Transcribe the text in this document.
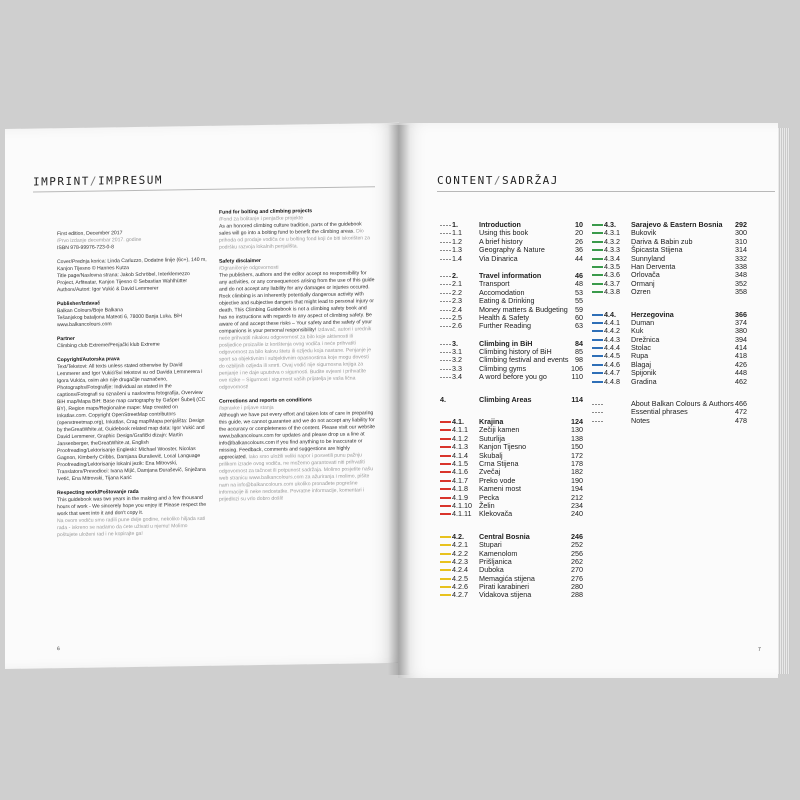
IMPRINT/IMPRESUM

First edition, December 2017
/Prvo izdanje decembar 2017. godine
ISBN 978-99976-723-0-8

Cover/Prednja korica: Linda Carluzzo, Dodatne linije (6c+), 140 m, Kanjon Tijesno © Hannes Kutza
Title page/Naslovna strana: Jakob Schröbel, Interklemezzo Project, Arfiteatar, Kanjon Tijesno © Sebastian Wahlhütter
Authors/Autori: Igor Vukić & David Lemmerer

Publisher/Izdavač
Balkan Colours/Boje Balkana
Tešanjskog bataljona Mateoti 6, 78000 Banja Luka, BiH
www.balkancolours.com

Partner
Climbing club Extreme/Penjački klub Extreme

Copyright/Autorska prava
Text/Tekstovi: All texts unless stated otherwise by David Lemmerer and Igor Vukić/Svi tekstovi su od Davida Lemmerera i Igora Vukića, osim ako nije drugačije naznačeno, Photographs/Fotografije: Individual as stated in the captions/Fotografi su označeni u naslovima fotografija, Overview BiH map/Mapa BiH: Base map cartography by Gašper Šubelj (CC BY), Region maps/Regionalne mape: Map created on Inkatlas.com. Copyright OpenStreetMap contributors (openstreetmap.org), Inkatlas, Crag map/Mapa penjališta: Design by theGreatWhite.at, Guidebook related map data: Igor Vukić and David Lemmerer, Graphic Design/Grafički dizajn: Martin Jansenberger, theGreatWhite.at, English Proofreading/Lektorisanje Engleski: Michael Wooster, Nicolas Gagnon, Kimberly Cribbs, Damjana Đuraševič, Local Language Proofreading/Lektorisanje lokalni jezik: Ena Mitrovski, Translators/Prevodioci: Ivana Mijić, Damjana Đuraševič, Snježana Ivetić, Ena Mitrovski, Tijana Karić

Respecting work/Poštovanje rada
This guidebook was two years in the making and a few thousand hours of work - We sincerely hope you enjoy it! Please respect the work that went into it and don't copy it.
Na ovom vodiču smo radili pune dvije godine, nekoliko hiljada sati rada - iskreno se nadamo da ćete uživati u njemu! Molimo poštujete uloženi rad i ne kopirajte ga!

Fund for bolting and climbing projects
/Fond za bolitanje i penjačke projekte
As an honored climbing culture tradition, parts of the guidebook sales will go into a bolting fund to benefit the climbing areas. Dio prihoda od prodaje vodiča će u bolting fond koji će biti iskorišten za podršku razvoja lokalnih penjališta.

Safety disclaimer
/Ograničenje odgovornosti
The publishers, authors and the editor accept no responsibility for any activities, or any consequences arising from the use of this guide and do not accept any liability for any damages or injuries occured. Rock climbing is an inherently potentially dangerous activity with objective and subjective dangers that might lead to personal injury or death. This Climbing Guidebook is not a climbing safety book and has no instructions with regards to any aspect of climbing safety. Be aware of and accept these risks – Your safety and the safety of your companions is your personal responsibility! Izdavač, autori i urednik neće prihvatiti nikakvu odgovornost za bilo koje aktivnosti ili posljedice proizašle iz korištenja ovog vodiča i neće prihvatiti odgovornost za bilo kakvu štetu ili ozljedu koja nastane. Penjanje je sport sa objektivnim i subjektivnim opasnostima koje mogu dovesti do ozbiljnih ozljeda ili smrti. Ovaj vodič nije sigurnosna knjiga za penjanje i ne daje uputstva o sigurnosti. Budite svjesni i prihvatite ove rizike – Sigurnost i sigurnost vaših prijatelja je vaša lična odgovornost!

Corrections and reports on conditions
/Ispravke i prijave stanja
Although we have put every effort and taken lots of care in preparing this guide, we cannot guarantee and we do not accept any liability for the accuracy or completeness of the content. Please visit our website www.balkancolours.com for updates and please drop us a line at info@balkancolours.com if you find anything to be inaccurate or missing. Feedback, comments and suggestions are highly appreciated. Iako smo uložili veliki napor i posvetili punu pažnju prilikom izrade ovog vodiča, ne možemo garantovati niti prihvatiti odgovornost za tačnost ili potpunost sadržaja. Molimo posjetite našu web stranicu www.balkancolours.com za ažuriranja i molimo, pišite nam na info@balkancolours.com ukoliko pronađete pogrešne informacije ili neke nedostatke. Povratne informacije, komentari i prijedlozi su vrlo dobro došli!

6
CONTENT/SADRŽAJ
1.	Introduction	10
1.1 Using this book	20
1.2 A brief history	26
1.3 Geography & Nature	36
1.4 Via Dinarica	44
2.	Travel information	46
2.1 Transport	48
2.2 Accomodation	53
2.3 Eating & Drinking	55
2.4 Money matters & Budgeting 59
2.5 Health & Safety	60
2.6 Further Reading	63
3.	Climbing in BiH	84
3.1 Climbing history of BiH	85
3.2 Climbing festival and events 98
3.3 Climbing gyms	106
3.4 A word before you go	110
4.	Climbing Areas	114
4.1. Krajina	124
4.1.1 Zečiji kamen	130
4.1.2 Suturlija	138
4.1.3 Kanjon Tijesno	150
4.1.4 Skubalj	172
4.1.5 Crna Stijena	178
4.1.6 Zvečaj	182
4.1.7 Preko vode	190
4.1.8 Kameni most	194
4.1.9 Pecka	212
4.1.10 Želin	234
4.1.11 Klekovača	240
4.2. Central Bosnia	246
4.2.1 Stupari	252
4.2.2 Kamenolom	256
4.2.3 Prišljanica	262
4.2.4 Duboka	270
4.2.5 Memagića stijena	276
4.2.6 Pirati karabineri	280
4.2.7 Vidakova stijena	288
4.3. Sarajevo & Eastern Bosnia 292
4.3.1 Bukovik	300
4.3.2 Dariva & Babin zub	310
4.3.3 Špicasta Stijena	314
4.3.4 Sunnyland	332
4.3.5 Han Derventa	338
4.3.6 Orlovača	348
4.3.7 Ormanj	352
4.3.8 Ozren	358
4.4. Herzegovina	366
4.4.1 Duman	374
4.4.2 Kuk	380
4.4.3 Drežnica	394
4.4.4 Stolac	414
4.4.5 Rupa	418
4.4.6 Blagaj	426
4.4.7 Spijonik	448
4.4.8 Gradina	462
About Balkan Colours & Authors 466
Essential phrases	472
Notes	478
7
